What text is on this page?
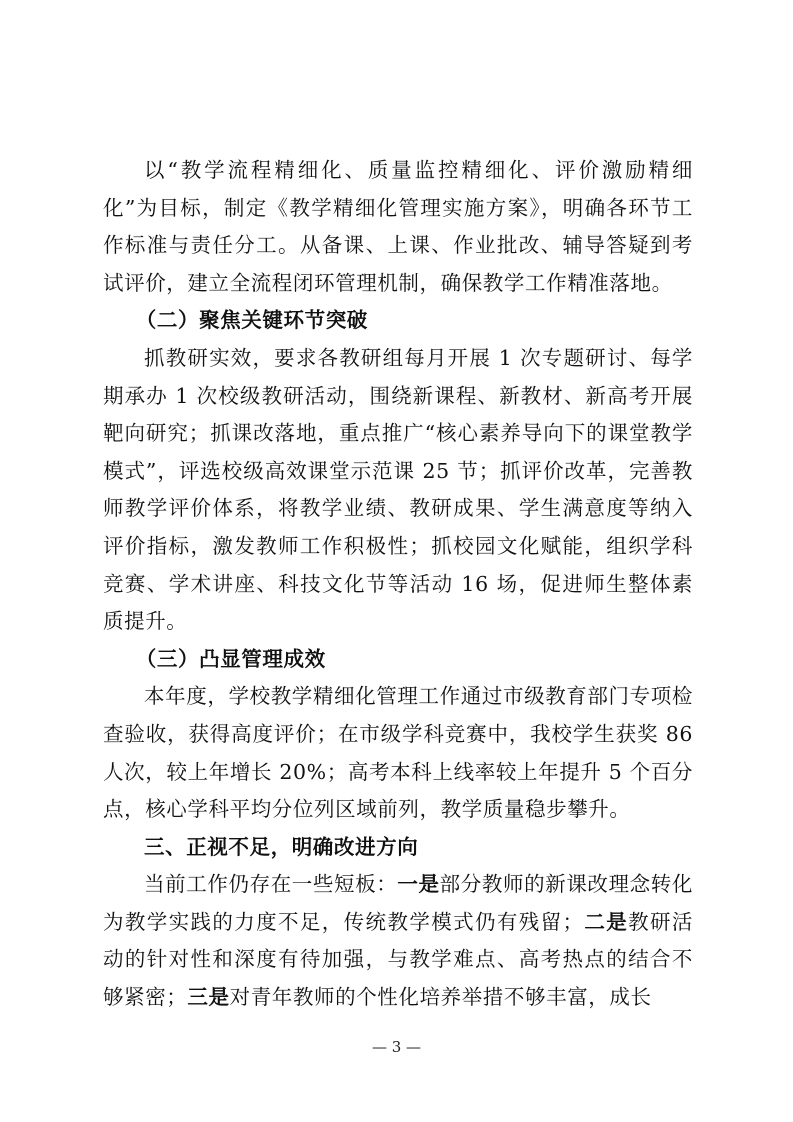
以“教学流程精细化、质量监控精细化、评价激励精细化”为目标，制定《教学精细化管理实施方案》，明确各环节工作标准与责任分工。从备课、上课、作业批改、辅导答疑到考试评价，建立全流程闭环管理机制，确保教学工作精准落地。

（二）聚焦关键环节突破

抓教研实效，要求各教研组每月开展 1 次专题研讨、每学期承办 1 次校级教研活动，围绕新课程、新教材、新高考开展靶向研究；抓课改落地，重点推广“核心素养导向下的课堂教学模式”，评选校级高效课堂示范课 25 节；抓评价改革，完善教师教学评价体系，将教学业绩、教研成果、学生满意度等纳入评价指标，激发教师工作积极性；抓校园文化赋能，组织学科竞赛、学术讲座、科技文化节等活动 16 场，促进师生整体素质提升。

（三）凸显管理成效

本年度，学校教学精细化管理工作通过市级教育部门专项检查验收，获得高度评价；在市级学科竞赛中，我校学生获奖 86 人次，较上年增长 20%；高考本科上线率较上年提升 5 个百分点，核心学科平均分位列区域前列，教学质量稳步攀升。

三、正视不足，明确改进方向

当前工作仍存在一些短板：一是部分教师的新课改理念转化为教学实践的力度不足，传统教学模式仍有残留；二是教研活动的针对性和深度有待加强，与教学难点、高考热点的结合不够紧密；三是对青年教师的个性化培养举措不够丰富，成长

— 3 —
